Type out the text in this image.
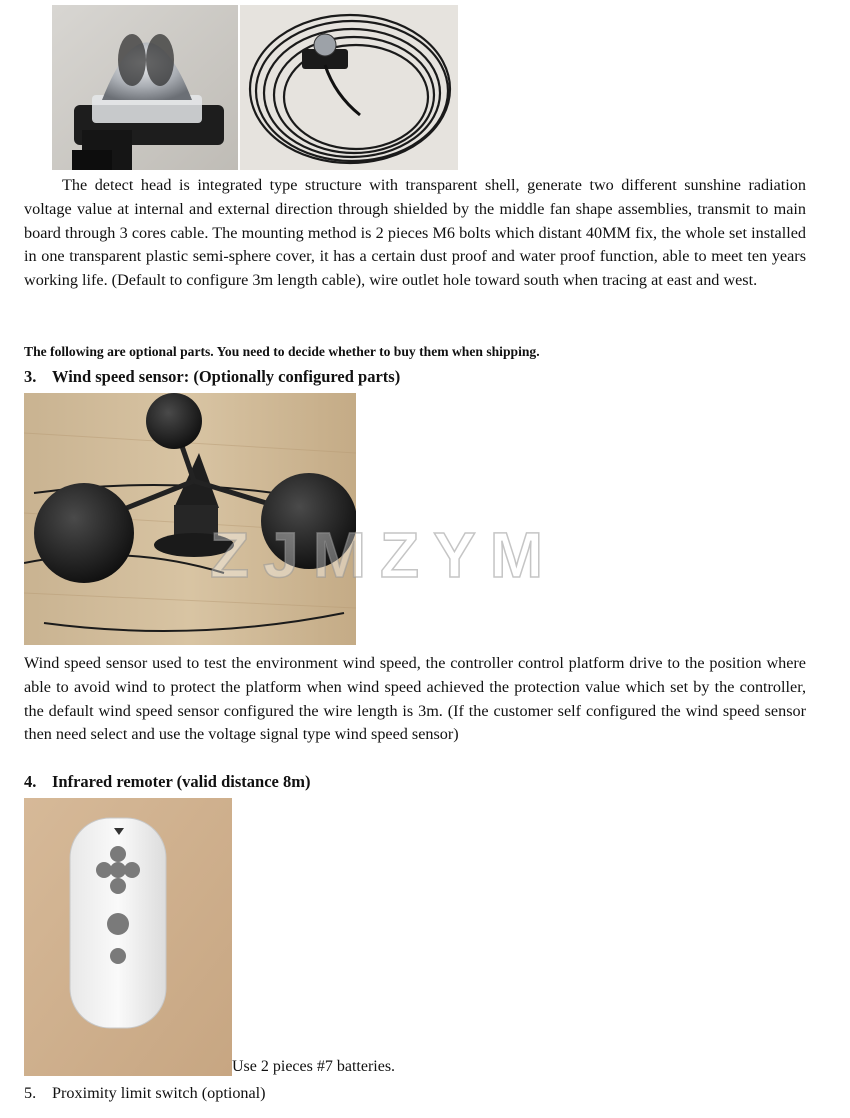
The detect head is integrated type structure with transparent shell, generate two different sunshine radiation voltage value at internal and external direction through shielded by the middle fan shape assemblies, transmit to main board through 3 cores cable. The mounting method is 2 pieces M6 bolts which distant 40MM fix, the whole set installed in one transparent plastic semi-sphere cover, it has a certain dust proof and water proof function, able to meet ten years working life. (Default to configure 3m length cable), wire outlet hole toward south when tracing at east and west.

The following are optional parts. You need to decide whether to buy them when shipping.
3. Wind speed sensor: (Optionally configured parts)
ZJMZYM

Wind speed sensor used to test the environment wind speed, the controller control platform drive to the position where able to avoid wind to protect the platform when wind speed achieved the protection value which set by the controller, the default wind speed sensor configured the wire length is 3m. (If the customer self configured the wind speed sensor then need select and use the voltage signal type wind speed sensor)

4. Infrared remoter (valid distance 8m)
Use 2 pieces #7 batteries.
5. Proximity limit switch (optional)
